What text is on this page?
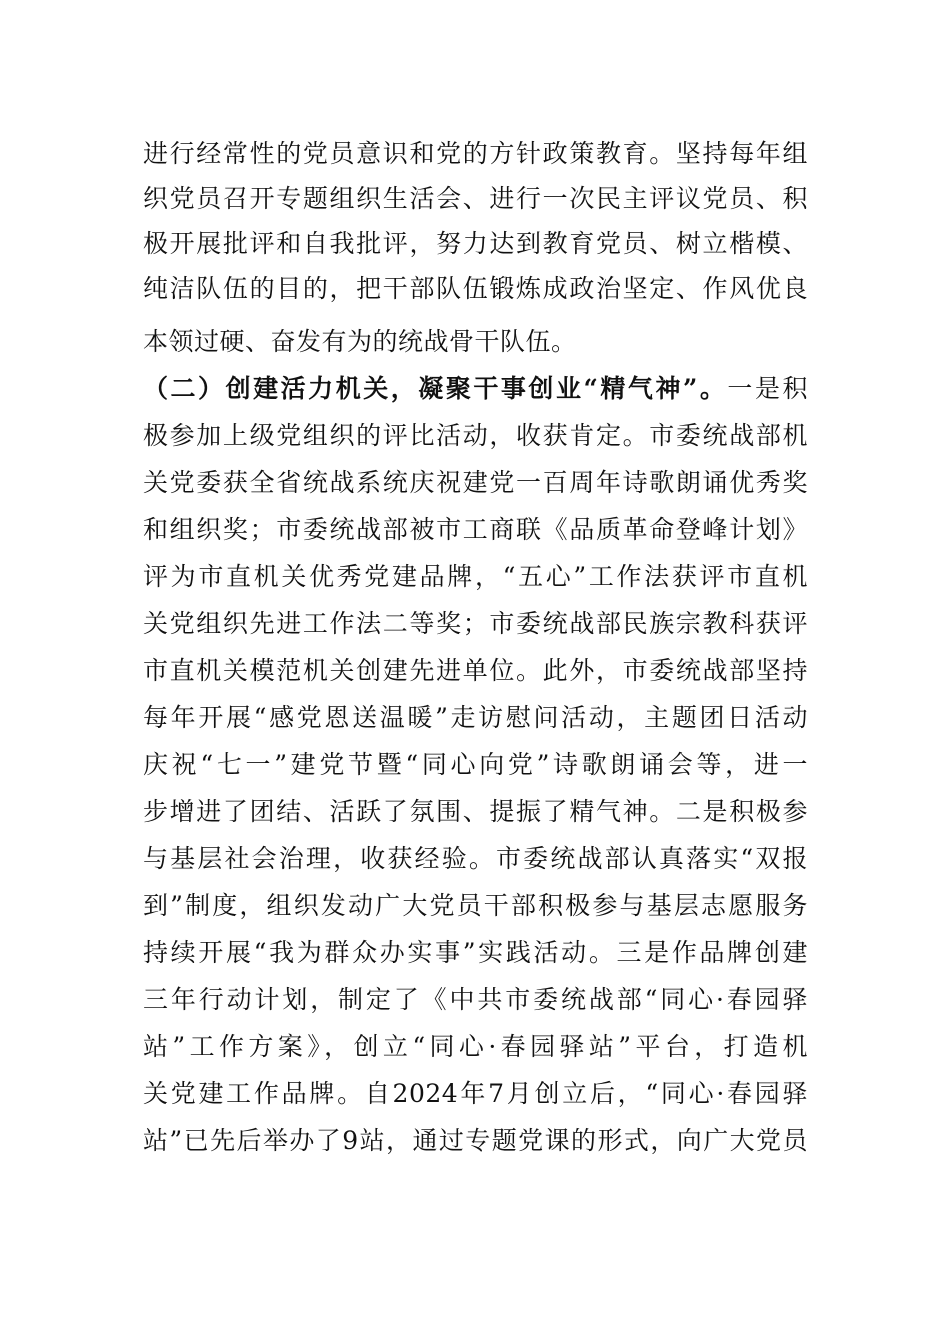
进行经常性的党员意识和党的方针政策教育。坚持每年组
织党员召开专题组织生活会、进行一次民主评议党员、积
极开展批评和自我批评，努力达到教育党员、树立楷模、
纯洁队伍的目的，把干部队伍锻炼成政治坚定、作风优良
本领过硬、奋发有为的统战骨干队伍。
（二）创建活力机关，凝聚干事创业“精气神”。一是积
极参加上级党组织的评比活动，收获肯定。市委统战部机
关党委获全省统战系统庆祝建党一百周年诗歌朗诵优秀奖
和组织奖；市委统战部被市工商联《品质革命登峰计划》
评为市直机关优秀党建品牌，“五心”工作法获评市直机
关党组织先进工作法二等奖；市委统战部民族宗教科获评
市直机关模范机关创建先进单位。此外，市委统战部坚持
每年开展“感党恩送温暖”走访慰问活动，主题团日活动
庆祝“七一”建党节暨“同心向党”诗歌朗诵会等，进一
步增进了团结、活跃了氛围、提振了精气神。二是积极参
与基层社会治理，收获经验。市委统战部认真落实“双报
到”制度，组织发动广大党员干部积极参与基层志愿服务
持续开展“我为群众办实事”实践活动。三是作品牌创建
三年行动计划，制定了《中共市委统战部“同心·春园驿
站”工作方案》，创立“同心·春园驿站”平台，打造机
关党建工作品牌。自2024年7月创立后，“同心·春园驿
站”已先后举办了9站，通过专题党课的形式，向广大党员
